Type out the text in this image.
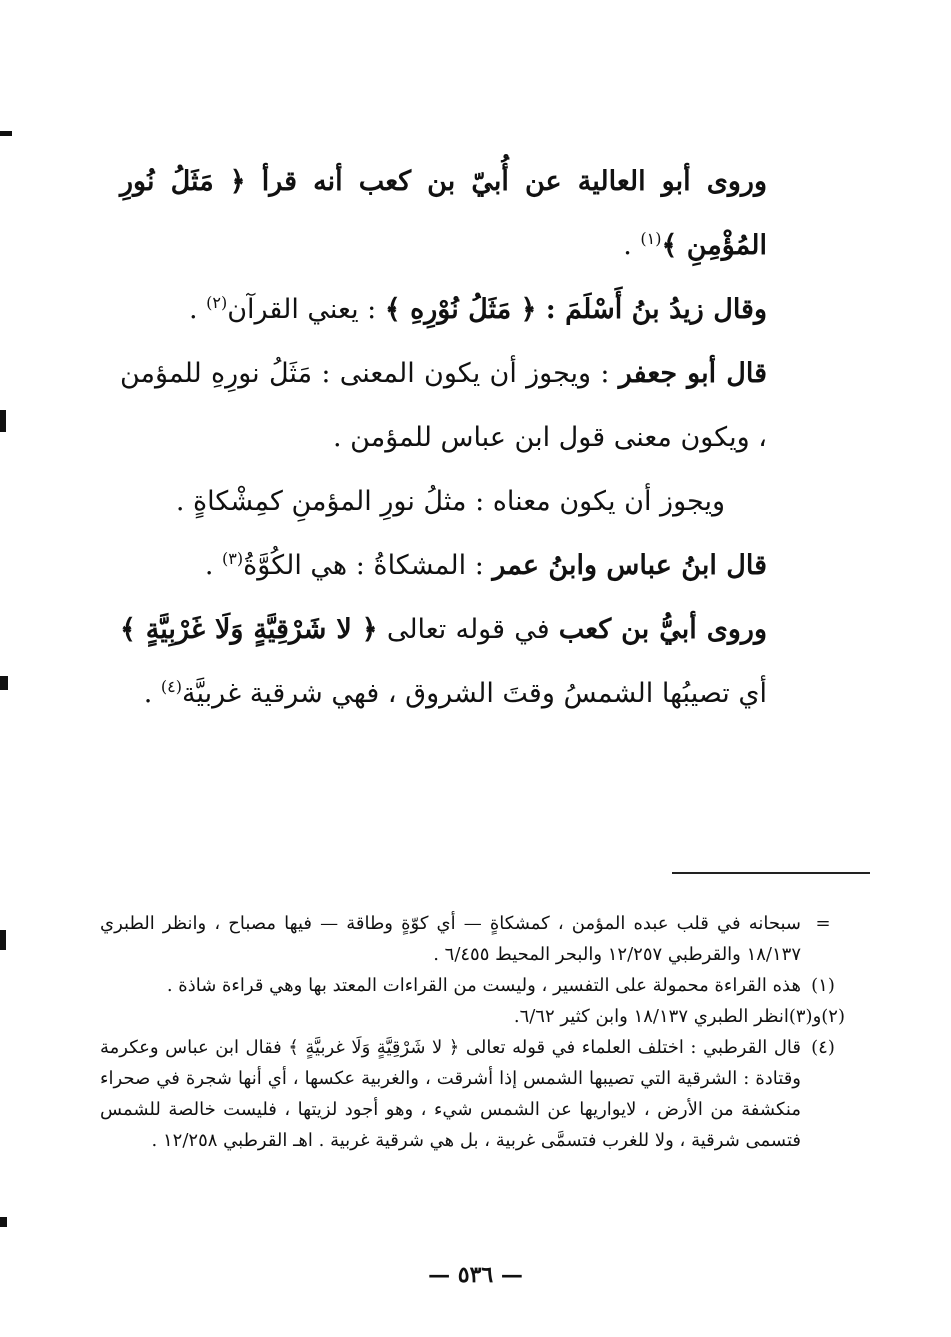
وروى أبو العالية عن أُبيّ بن كعب أنه قرأ ﴿ مَثَلُ نُورِ المُؤْمِنِ ﴾$^{(١)}$ .

وقال زيدُ بنُ أَسْلَمَ : ﴿ مَثَلُ نُوْرِهِ ﴾ : يعني القرآن$^{(٢)}$ .

قال أبو جعفر : ويجوز أن يكون المعنى : مَثَلُ نورِهِ للمؤمن ، ويكون معنى قول ابن عباس للمؤمن .

ويجوز أن يكون معناه : مثلُ نورِ المؤمنِ كمِشْكاةٍ .

قال ابنُ عباس وابنُ عمر : المشكاةُ : هي الكُوَّةُ$^{(٣)}$ .

وروى أبيُّ بن كعب في قوله تعالى ﴿ لا شَرْقِيَّةٍ وَلَا غَرْبِيَّةٍ ﴾ أي تصيبُها الشمسُ وقتَ الشروق ، فهي شرقية غربيَّة$^{(٤)}$ .

=
سبحانه في قلب عبده المؤمن ، كمشكاةٍ — أي كوّةٍ وطاقة — فيها مصباح ، وانظر الطبري ١٨/١٣٧ والقرطبي ١٢/٢٥٧ والبحر المحيط ٦/٤٥٥ .
(١)
هذه القراءة محمولة على التفسير ، وليست من القراءات المعتد بها وهي قراءة شاذة .
(٢)و(٣)
انظر الطبري ١٨/١٣٧ وابن كثير ٦/٦٢.
(٤)
قال القرطبي : اختلف العلماء في قوله تعالى ﴿ لا شَرْقِيَّةٍ وَلَا غربيَّةٍ ﴾ فقال ابن عباس وعكرمة وقتادة : الشرقية التي تصيبها الشمس إذا أشرقت ، والغربية عكسها ، أي أنها شجرة في صحراء منكشفة من الأرض ، لايواريها عن الشمس شيء ، وهو أجود لزيتها ، فليست خالصة للشمس فتسمى شرقية ، ولا للغرب فتسمَّى غربية ، بل هي شرقية غربية . اهـ القرطبي ١٢/٢٥٨ .
— ٥٣٦ —
